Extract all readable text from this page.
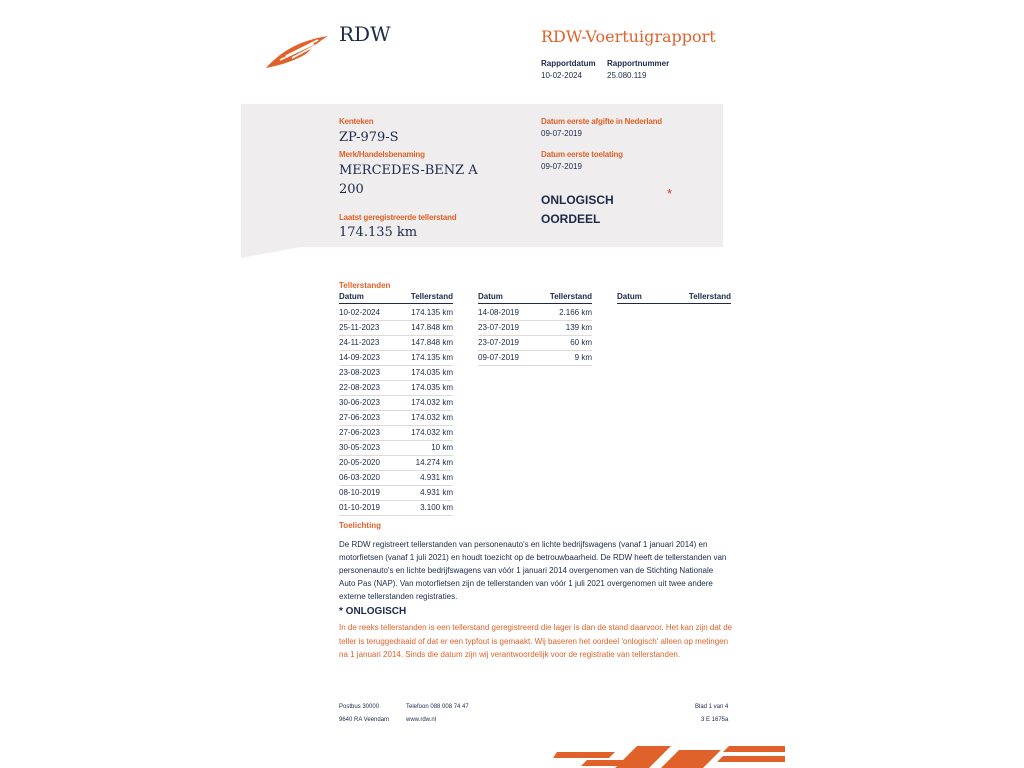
RDW	RDW-Voertuigrapport
Rapportdatum
10-02-2024
Rapportnummer
25.080.119
Kenteken
ZP-979-S
Merk/Handelsbenaming
MERCEDES-BENZ A
200
Laatst geregistreerde tellerstand
174.135 km
Datum eerste afgifte in Nederland
09-07-2019
Datum eerste toelating
09-07-2019
ONLOGISCH
OORDEEL
*
Tellerstanden
Datum	Tellerstand
10-02-2024	174.135 km
25-11-2023	147.848 km
24-11-2023	147.848 km
14-09-2023	174.135 km
23-08-2023	174.035 km
22-08-2023	174.035 km
30-06-2023	174.032 km
27-06-2023	174.032 km
27-06-2023	174.032 km
30-05-2023	10 km
20-05-2020	14.274 km
06-03-2020	4.931 km
08-10-2019	4.931 km
01-10-2019	3.100 km
Datum	Tellerstand
14-08-2019	2.166 km
23-07-2019	139 km
23-07-2019	60 km
09-07-2019	9 km
Datum	Tellerstand
Toelichting
De RDW registreert tellerstanden van personenauto's en lichte bedrijfswagens (vanaf 1 januari 2014) en motorfietsen (vanaf 1 juli 2021) en houdt toezicht op de betrouwbaarheid. De RDW heeft de tellerstanden van personenauto's en lichte bedrijfswagens van vóór 1 januari 2014 overgenomen van de Stichting Nationale Auto Pas (NAP). Van motorfietsen zijn de tellerstanden van vóór 1 juli 2021 overgenomen uit twee andere externe tellerstanden registraties.
* ONLOGISCH
In de reeks tellerstanden is een tellerstand geregistreerd die lager is dan de stand daarvoor. Het kan zijn dat de teller is teruggedraaid of dat er een typfout is gemaakt. Wij baseren het oordeel 'onlogisch' alleen op metingen na 1 januari 2014. Sinds die datum zijn wij verantwoordelijk voor de registratie van tellerstanden.
Postbus 30000
9640 RA Veendam
Telefoon 088 008 74 47
www.rdw.nl
Blad 1 van 4
3 E 1675a
